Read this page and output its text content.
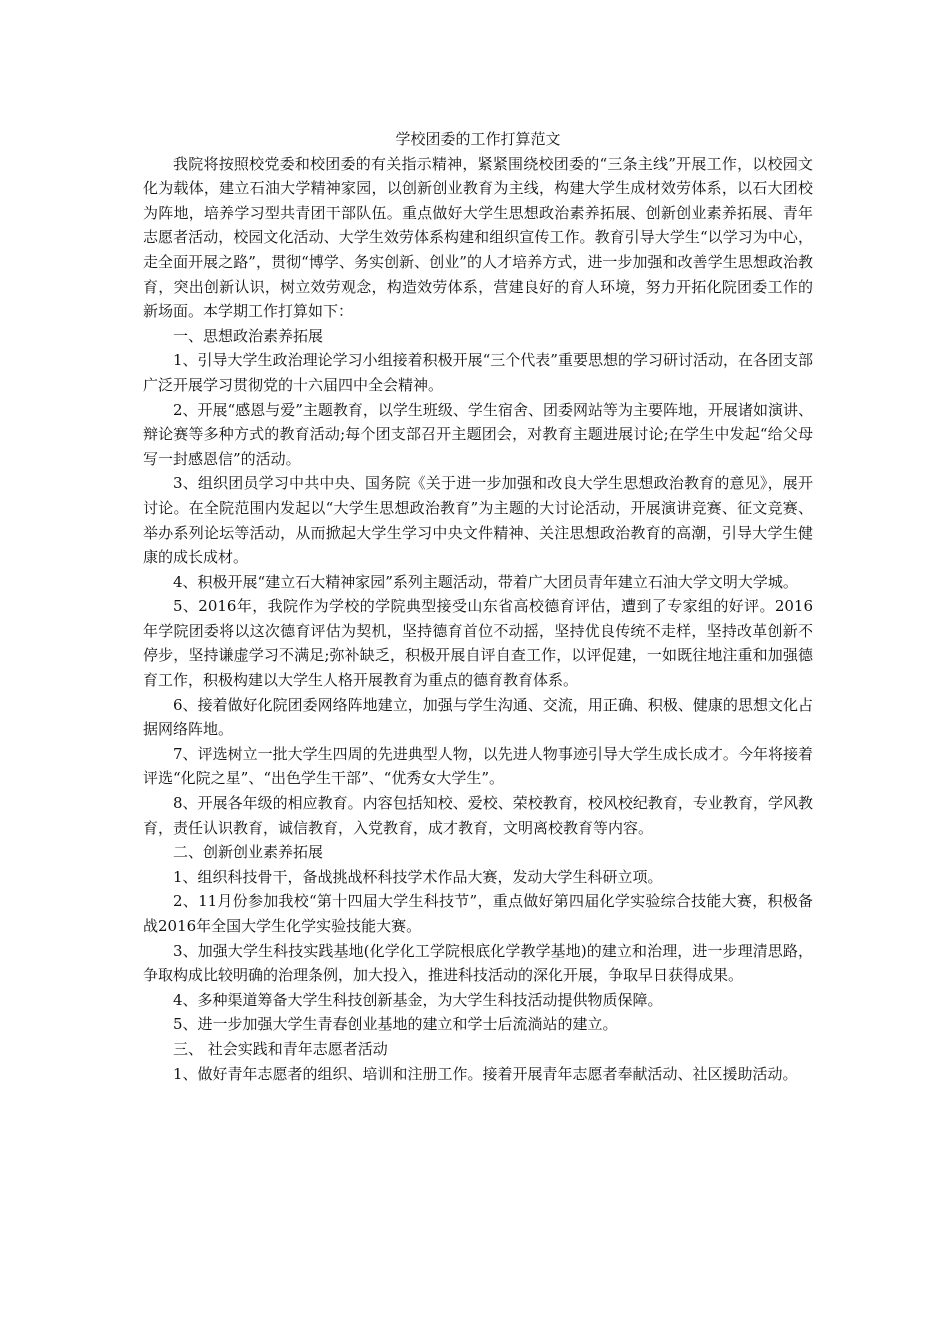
学校团委的工作打算范文

我院将按照校党委和校团委的有关指示精神，紧紧围绕校团委的“三条主线”开展工作，以校园文化为载体，建立石油大学精神家园，以创新创业教育为主线，构建大学生成材效劳体系，以石大团校为阵地，培养学习型共青团干部队伍。重点做好大学生思想政治素养拓展、创新创业素养拓展、青年志愿者活动，校园文化活动、大学生效劳体系构建和组织宣传工作。教育引导大学生“以学习为中心，走全面开展之路”，贯彻“博学、务实创新、创业”的人才培养方式，进一步加强和改善学生思想政治教育，突出创新认识，树立效劳观念，构造效劳体系，营建良好的育人环境，努力开拓化院团委工作的新场面。本学期工作打算如下：

一、思想政治素养拓展

1、引导大学生政治理论学习小组接着积极开展“三个代表”重要思想的学习研讨活动，在各团支部广泛开展学习贯彻党的十六届四中全会精神。

2、开展“感恩与爱”主题教育，以学生班级、学生宿舍、团委网站等为主要阵地，开展诸如演讲、辩论赛等多种方式的教育活动;每个团支部召开主题团会，对教育主题进展讨论;在学生中发起“给父母写一封感恩信”的活动。

3、组织团员学习中共中央、国务院《关于进一步加强和改良大学生思想政治教育的意见》，展开讨论。在全院范围内发起以“大学生思想政治教育”为主题的大讨论活动，开展演讲竞赛、征文竞赛、举办系列论坛等活动，从而掀起大学生学习中央文件精神、关注思想政治教育的高潮，引导大学生健康的成长成材。

4、积极开展“建立石大精神家园”系列主题活动，带着广大团员青年建立石油大学文明大学城。

5、2016年，我院作为学校的学院典型接受山东省高校德育评估，遭到了专家组的好评。2016年学院团委将以这次德育评估为契机，坚持德育首位不动摇，坚持优良传统不走样，坚持改革创新不停步，坚持谦虚学习不满足;弥补缺乏，积极开展自评自查工作，以评促建，一如既往地注重和加强德育工作，积极构建以大学生人格开展教育为重点的德育教育体系。

6、接着做好化院团委网络阵地建立，加强与学生沟通、交流，用正确、积极、健康的思想文化占据网络阵地。

7、评选树立一批大学生四周的先进典型人物，以先进人物事迹引导大学生成长成才。今年将接着评选“化院之星”、“出色学生干部”、“优秀女大学生”。

8、开展各年级的相应教育。内容包括知校、爱校、荣校教育，校风校纪教育，专业教育，学风教育，责任认识教育，诚信教育，入党教育，成才教育，文明离校教育等内容。

二、创新创业素养拓展

1、组织科技骨干，备战挑战杯科技学术作品大赛，发动大学生科研立项。

2、11月份参加我校“第十四届大学生科技节”，重点做好第四届化学实验综合技能大赛，积极备战2016年全国大学生化学实验技能大赛。

3、加强大学生科技实践基地(化学化工学院根底化学教学基地)的建立和治理，进一步理清思路，争取构成比较明确的治理条例，加大投入，推进科技活动的深化开展，争取早日获得成果。

4、多种渠道筹备大学生科技创新基金，为大学生科技活动提供物质保障。

5、进一步加强大学生青春创业基地的建立和学士后流淌站的建立。

三、 社会实践和青年志愿者活动

1、做好青年志愿者的组织、培训和注册工作。接着开展青年志愿者奉献活动、社区援助活动。
